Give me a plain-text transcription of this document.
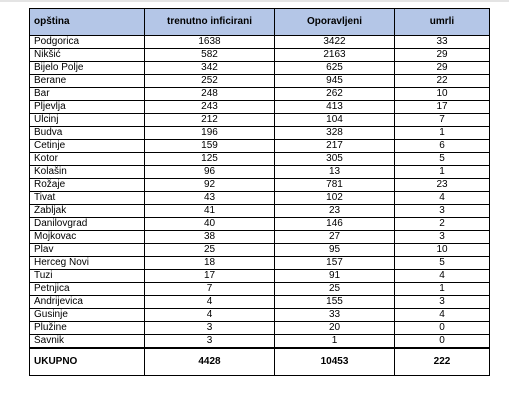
opština	trenutno inficirani	Oporavljeni	umrli
Podgorica	1638	3422	33
Nikšić	582	2163	29
Bijelo Polje	342	625	29
Berane	252	945	22
Bar	248	262	10
Pljevlja	243	413	17
Ulcinj	212	104	7
Budva	196	328	1
Cetinje	159	217	6
Kotor	125	305	5
Kolašin	96	13	1
Rožaje	92	781	23
Tivat	43	102	4
Žabljak	41	23	3
Danilovgrad	40	146	2
Mojkovac	38	27	3
Plav	25	95	10
Herceg Novi	18	157	5
Tuzi	17	91	4
Petnjica	7	25	1
Andrijevica	4	155	3
Gusinje	4	33	4
Plužine	3	20	0
Šavnik	3	1	0
UKUPNO	4428	10453	222
